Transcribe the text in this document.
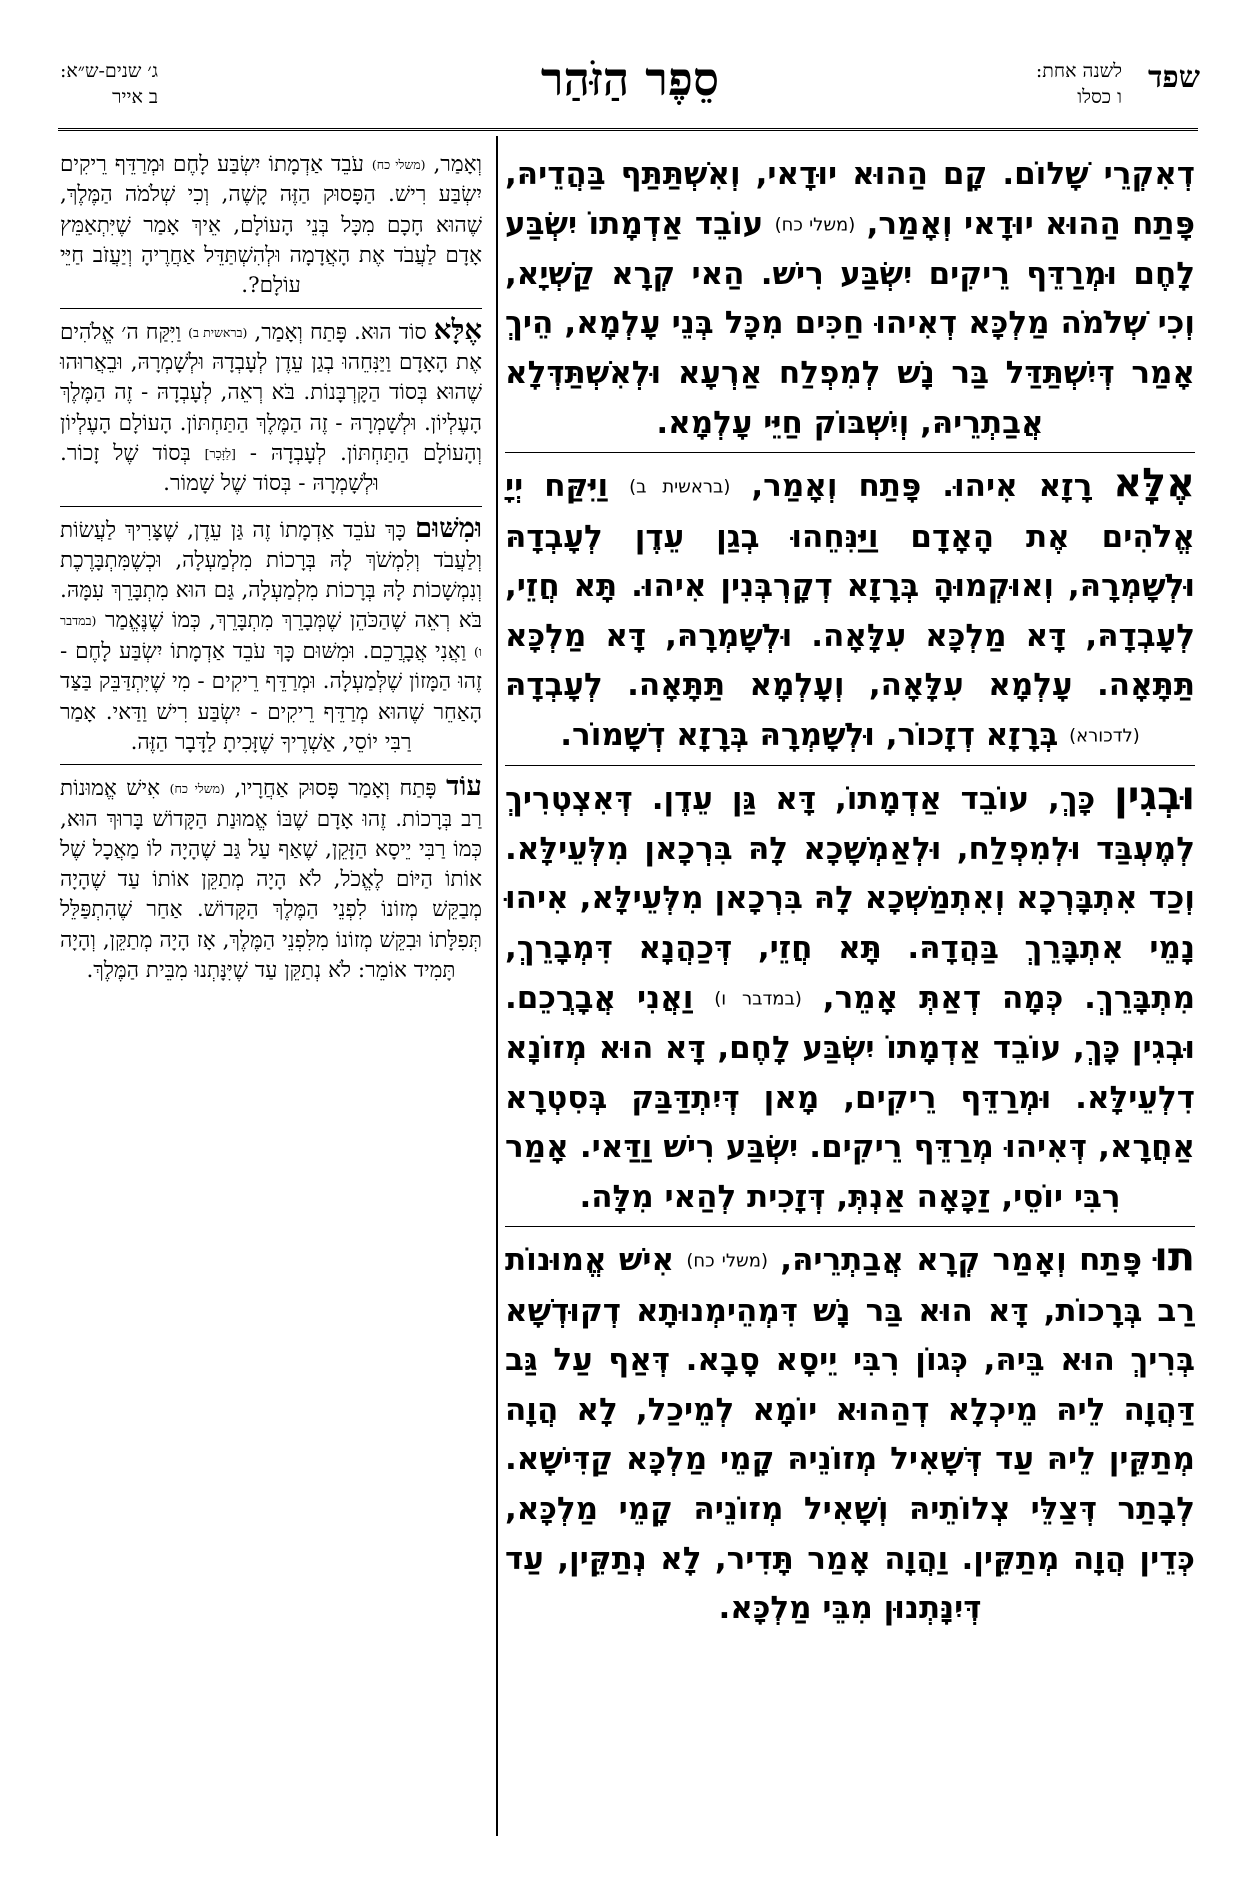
שפד
לשנה אחת:
ו כסלו
סֵפֶר הַזֹּהַר
ג׳ שנים-ש״א:
ב אייר

דְאִקְרֵי שָׁלוֹם. קָם הַהוּא יוּדָאי, וְאִשְׁתַּתַּף בַּהֲדֵיהּ, פָּתַח הַהוּא יוּדָאי וְאָמַר, (משלי כח) עוֹבֵד אַדְמָתוֹ יִשְׂבַּע לָחֶם וּמְרַדֵּף רֵיקִים יִשְׂבַּע רִישׁ. הַאי קְרָא קַשְׁיָא, וְכִי שְׁלֹמֹה מַלְכָּא דְאִיהוּ חַכִּים מִכָּל בְּנֵי עָלְמָא, הֵיךְ אָמַר דְּיִשְׁתַּדַּל בַּר נָשׁ לְמִפְלַח אַרְעָא וּלְאִשְׁתַּדְּלָא אֲבַתְרֵיהּ, וְיִשְׁבּוֹק חַיֵּי עָלְמָא.

אֶלָּא רָזָא אִיהוּ. פָּתַח וְאָמַר, (בראשית ב) וַיִּקַּח יְיָ אֱלֹהִים אֶת הָאָדָם וַיַּנִּחֵהוּ בְגַן עֵדֶן לְעָבְדָהּ וּלְשָׁמְרָהּ, וְאוּקְמוּהָ בְּרָזָא דְקָרְבְּנִין אִיהוּ. תָּא חֲזֵי, לְעָבְדָהּ, דָּא מַלְכָּא עִלָּאָה. וּלְשָׁמְרָהּ, דָּא מַלְכָּא תַּתָּאָה. עָלְמָא עִלָּאָה, וְעָלְמָא תַּתָּאָה. לְעָבְדָהּ (לדכורא) בְּרָזָא דְזָכוֹר, וּלְשָׁמְרָהּ בְּרָזָא דְשָׁמוֹר.

וּבְגִין כָּךְ, עוֹבֵד אַדְמָתוֹ, דָּא גַּן עֵדֶן. דְּאִצְטְרִיךְ לְמֶעְבַּד וּלְמִפְלַח, וּלְאַמְשָׁכָא לָהּ בִּרְכָאן מִלְּעֵילָּא. וְכַד אִתְבָּרְכָא וְאִתְמַשְׁכָא לָהּ בִּרְכָאן מִלְּעֵילָּא, אִיהוּ נָמֵי אִתְבָּרֵךְ בַּהֲדָהּ. תָּא חֲזֵי, דְּכַהֲנָא דִּמְבָרֵךְ, מִתְבָּרֵךְ. כְּמָה דְאַתְּ אָמֵר, (במדבר ו) וַאֲנִי אֲבָרֲכֵם. וּבְגִין כָּךְ, עוֹבֵד אַדְמָתוֹ יִשְׂבַּע לָחֶם, דָּא הוּא מְזוֹנָא דִלְעֵילָּא. וּמְרַדֵּף רֵיקִים, מָאן דְּיִתְדַּבַּק בְּסִטְרָא אַחֲרָא, דְּאִיהוּ מְרַדֵּף רֵיקִים. יִשְׂבַּע רִישׁ וַדַּאי. אָמַר רִבִּי יוֹסֵי, זַכָּאָה אַנְתְּ, דְּזָכִית לְהַאי מִלָּה.

תוּ פָּתַח וְאָמַר קְרָא אֲבַתְרֵיהּ, (משלי כח) אִישׁ אֱמוּנוֹת רַב בְּרָכוֹת, דָּא הוּא בַּר נָשׁ דִּמְהֵימְנוּתָא דְקוּדְשָׁא בְּרִיךְ הוּא בֵּיהּ, כְּגוֹן רִבִּי יֵיסָא סָבָא. דְּאַף עַל גַּב דַּהֲוָה לֵיהּ מֵיכְלָא דְהַהוּא יוֹמָא לְמֵיכַל, לָא הֲוָה מְתַקֵּין לֵיהּ עַד דְּשָׁאִיל מְזוֹנֵיהּ קָמֵי מַלְכָּא קַדִּישָׁא. לְבָתַר דְּצַלֵּי צְלוֹתֵיהּ וְשָׁאִיל מְזוֹנֵיהּ קָמֵי מַלְכָּא, כְּדֵין הֲוָה מְתַקֵּין. וַהֲוָה אָמַר תָּדִיר, לָא נְתַקֵּין, עַד דְּיִנָּתְנוּן מִבֵּי מַלְכָּא.

וְאָמַר, (משלי כח) עֹבֵד אַדְמָתוֹ יִשְׂבַּע לָחֶם וּמְרַדֵּף רֵיקִים יִשְׂבַּע רִישׁ. הַפָּסוּק הַזֶּה קָשֶׁה, וְכִי שְׁלֹמֹה הַמֶּלֶךְ, שֶׁהוּא חָכָם מִכָּל בְּנֵי הָעוֹלָם, אֵיךְ אָמַר שֶׁיִּתְאַמֵּץ אָדָם לַעֲבֹד אֶת הָאֲדָמָה וּלְהִשְׁתַּדֵּל אַחֲרֶיהָ וְיַעֲזֹב חַיֵּי עוֹלָם?.

אֶלָּא סוֹד הוּא. פָּתַח וְאָמַר, (בראשית ב) וַיִּקַּח ה׳ אֱלֹהִים אֶת הָאָדָם וַיַּנִּחֵהוּ בְגַן עֵדֶן לְעָבְדָהּ וּלְשָׁמְרָהּ, וּבֵאֲרוּהוּ שֶׁהוּא בְּסוֹד הַקָּרְבָּנוֹת. בֹּא רְאֵה, לְעָבְדָהּ - זֶה הַמֶּלֶךְ הָעֶלְיוֹן. וּלְשָׁמְרָהּ - זֶה הַמֶּלֶךְ הַתַּחְתּוֹן. הָעוֹלָם הָעֶלְיוֹן וְהָעוֹלָם הַתַּחְתּוֹן. לְעָבְדָהּ - [לַזָּכָר] בְּסוֹד שֶׁל זָכוֹר. וּלְשָׁמְרָהּ - בְּסוֹד שֶׁל שָׁמוֹר.

וּמִשּׁוּם כָּךְ עֹבֵד אַדְמָתוֹ זֶה גַּן עֵדֶן, שֶׁצָּרִיךְ לַעֲשׂוֹת וְלַעֲבֹד וְלִמְשֹׁךְ לָהּ בְּרָכוֹת מִלְמַעְלָה, וּכְשֶׁמִּתְבָּרֶכֶת וְנִמְשָׁכוֹת לָהּ בְּרָכוֹת מִלְמַעְלָה, גַּם הוּא מִתְבָּרֵךְ עִמָּהּ. בֹּא רְאֵה שֶׁהַכֹּהֵן שֶׁמְּבָרֵךְ מִתְבָּרֵךְ, כְּמוֹ שֶׁנֶּאֱמַר (במדבר ו) וַאֲנִי אֲבָרֲכֵם. וּמִשּׁוּם כָּךְ עֹבֵד אַדְמָתוֹ יִשְׂבַּע לָחֶם - זֶהוּ הַמָּזוֹן שֶׁלְּמַעְלָה. וּמְרַדֵּף רֵיקִים - מִי שֶׁיִּתְדַּבֵּק בַּצַּד הָאַחֵר שֶׁהוּא מְרַדֵּף רֵיקִים - יִשְׂבַּע רִישׁ וַדַּאי. אָמַר רַבִּי יוֹסֵי, אַשְׁרֶיךָ שֶׁזָּכִיתָ לַדָּבָר הַזֶּה.

עוֹד פָּתַח וְאָמַר פָּסוּק אַחֲרָיו, (משלי כח) אִישׁ אֱמוּנוֹת רַב בְּרָכוֹת. זֶהוּ אָדָם שֶׁבּוֹ אֱמוּנַת הַקָּדוֹשׁ בָּרוּךְ הוּא, כְּמוֹ רַבִּי יֵיסָא הַזָּקֵן, שֶׁאַף עַל גַּב שֶׁהָיָה לוֹ מַאֲכָל שֶׁל אוֹתוֹ הַיּוֹם לֶאֱכֹל, לֹא הָיָה מְתַקֵּן אוֹתוֹ עַד שֶׁהָיָה מְבַקֵּשׁ מְזוֹנוֹ לִפְנֵי הַמֶּלֶךְ הַקָּדוֹשׁ. אַחַר שֶׁהִתְפַּלֵּל תְּפִלָּתוֹ וּבִקֵּשׁ מְזוֹנוֹ מִלִּפְנֵי הַמֶּלֶךְ, אָז הָיָה מְתַקֵּן, וְהָיָה תָּמִיד אוֹמֵר: לֹא נְתַקֵּן עַד שֶׁיִּנָּתְנוּ מִבֵּית הַמֶּלֶךְ.
